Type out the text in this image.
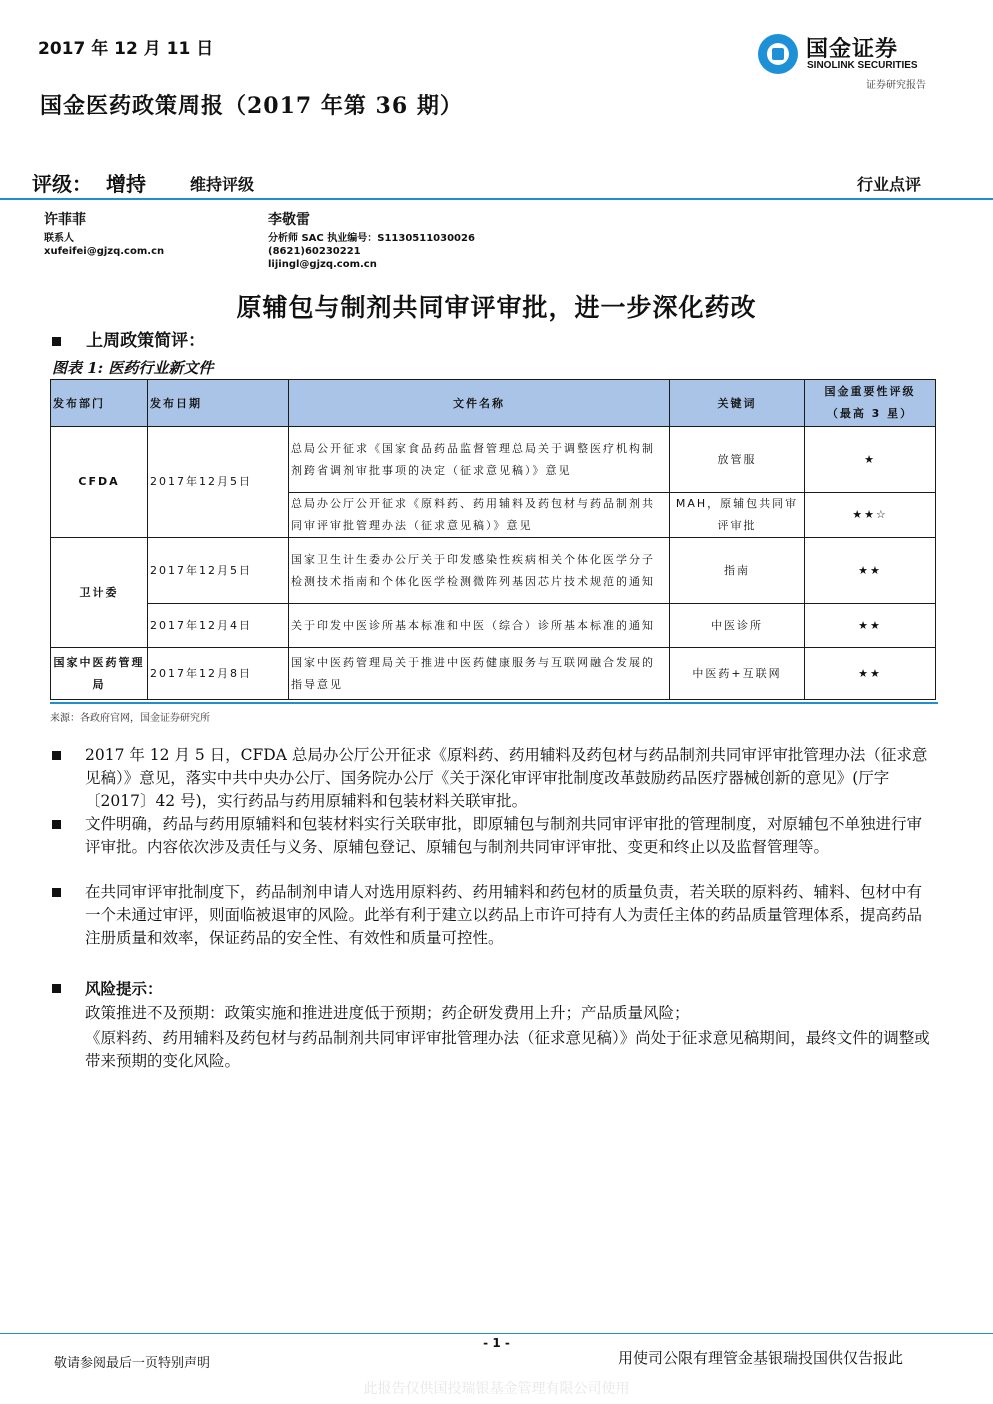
2017 年 12 月 11 日
国金医药政策周报（2017 年第 36 期）
国金证券
SINOLINK SECURITIES
证券研究报告
评级： 增持	维持评级	行业点评
许菲菲
联系人
xufeifei@gjzq.com.cn
李敬雷
分析师 SAC 执业编号：S1130511030026
(8621)60230221
lijingl@gjzq.com.cn
原辅包与制剂共同审评审批，进一步深化药改
上周政策简评：
图表 1: 医药行业新文件
发布部门	发布日期	文件名称	关键词	国金重要性评级
（最高 3 星）

CFDA	2017年12月5日	总局公开征求《国家食品药品监督管理总局关于调整医疗机构制剂跨省调剂审批事项的决定（征求意见稿）》意见	放管服	★
		总局办公厅公开征求《原料药、药用辅料及药包材与药品制剂共同审评审批管理办法（征求意见稿）》意见	MAH，原辅包共同审评审批	★★☆
卫计委	2017年12月5日	国家卫生计生委办公厅关于印发感染性疾病相关个体化医学分子检测技术指南和个体化医学检测微阵列基因芯片技术规范的通知	指南	★★
	2017年12月4日	关于印发中医诊所基本标准和中医（综合）诊所基本标准的通知	中医诊所	★★
国家中医药管理局	2017年12月8日	国家中医药管理局关于推进中医药健康服务与互联网融合发展的指导意见	中医药+互联网	★★
来源：各政府官网，国金证券研究所
2017 年 12 月 5 日，CFDA 总局办公厅公开征求《原料药、药用辅料及药包材与药品制剂共同审评审批管理办法（征求意见稿）》意见，落实中共中央办公厅、国务院办公厅《关于深化审评审批制度改革鼓励药品医疗器械创新的意见》(厅字〔2017〕42 号)，实行药品与药用原辅料和包装材料关联审批。
文件明确，药品与药用原辅料和包装材料实行关联审批，即原辅包与制剂共同审评审批的管理制度，对原辅包不单独进行审评审批。内容依次涉及责任与义务、原辅包登记、原辅包与制剂共同审评审批、变更和终止以及监督管理等。
在共同审评审批制度下，药品制剂申请人对选用原料药、药用辅料和药包材的质量负责，若关联的原料药、辅料、包材中有一个未通过审评，则面临被退审的风险。此举有利于建立以药品上市许可持有人为责任主体的药品质量管理体系，提高药品注册质量和效率，保证药品的安全性、有效性和质量可控性。
风险提示：
政策推进不及预期：政策实施和推进进度低于预期；药企研发费用上升；产品质量风险；
《原料药、药用辅料及药包材与药品制剂共同审评审批管理办法（征求意见稿）》尚处于征求意见稿期间，最终文件的调整或带来预期的变化风险。
- 1 -
敬请参阅最后一页特别声明	用使司公限有理管金基银瑞投国供仅告报此
此报告仅供国投瑞银基金管理有限公司使用
